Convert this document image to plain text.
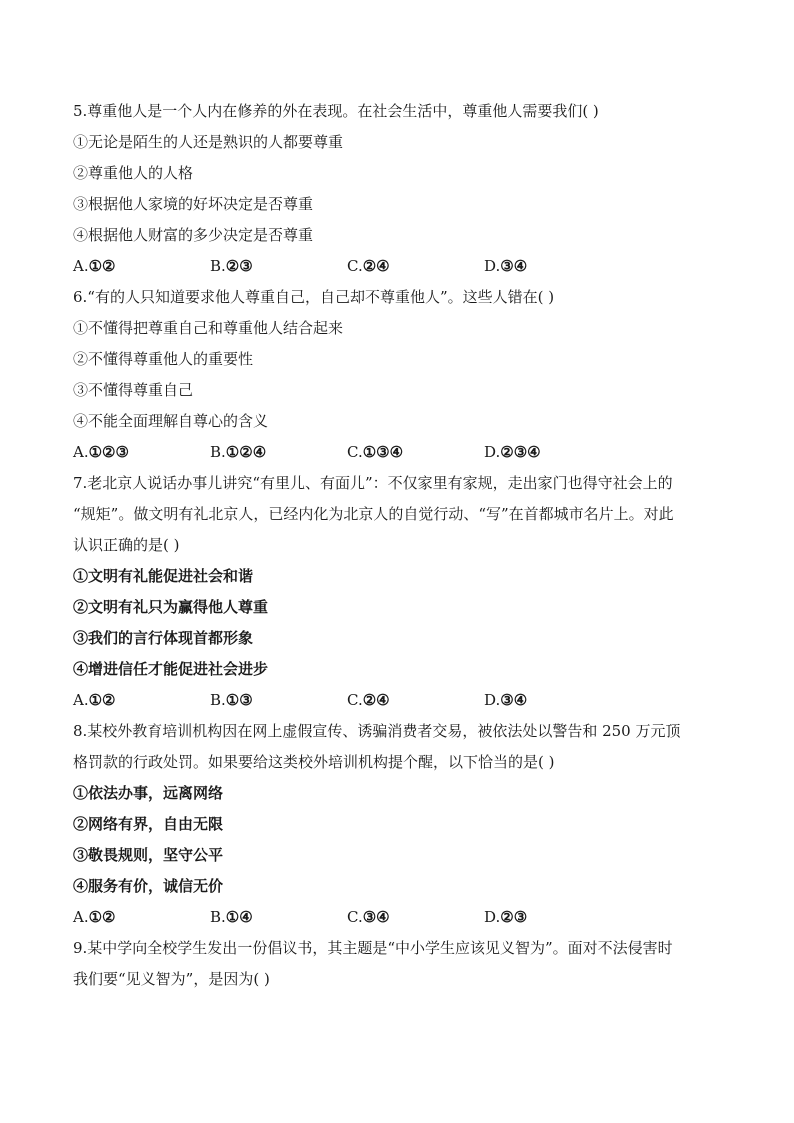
5.尊重他人是一个人内在修养的外在表现。在社会生活中，尊重他人需要我们( )
①无论是陌生的人还是熟识的人都要尊重
②尊重他人的人格
③根据他人家境的好坏决定是否尊重
④根据他人财富的多少决定是否尊重
A.①②	B.②③	C.②④	D.③④
6.“有的人只知道要求他人尊重自己，自己却不尊重他人”。这些人错在( )
①不懂得把尊重自己和尊重他人结合起来
②不懂得尊重他人的重要性
③不懂得尊重自己
④不能全面理解自尊心的含义
A.①②③	B.①②④	C.①③④	D.②③④
7.老北京人说话办事儿讲究“有里儿、有面儿”：不仅家里有家规，走出家门也得守社会上的
“规矩”。做文明有礼北京人，已经内化为北京人的自觉行动、“写”在首都城市名片上。对此
认识正确的是( )
①文明有礼能促进社会和谐
②文明有礼只为赢得他人尊重
③我们的言行体现首都形象
④增进信任才能促进社会进步
A.①②	B.①③	C.②④	D.③④
8.某校外教育培训机构因在网上虚假宣传、诱骗消费者交易，被依法处以警告和 250 万元顶
格罚款的行政处罚。如果要给这类校外培训机构提个醒，以下恰当的是( )
①依法办事，远离网络
②网络有界，自由无限
③敬畏规则，坚守公平
④服务有价，诚信无价
A.①②	B.①④	C.③④	D.②③
9.某中学向全校学生发出一份倡议书，其主题是“中小学生应该见义智为”。面对不法侵害时
我们要“见义智为”，是因为( )
